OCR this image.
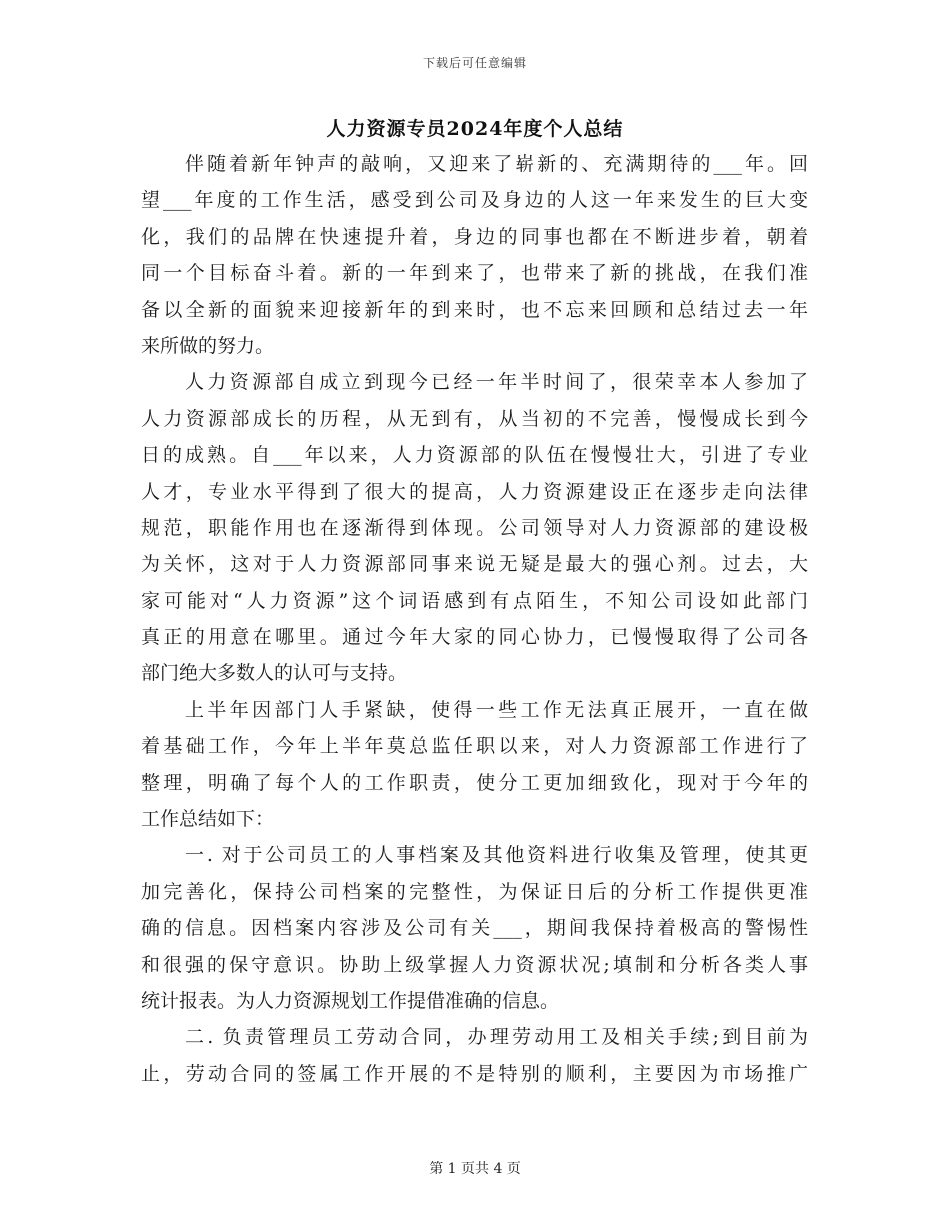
下载后可任意编辑
人力资源专员2024年度个人总结
伴随着新年钟声的敲响，又迎来了崭新的、充满期待的___年。回
望___年度的工作生活，感受到公司及身边的人这一年来发生的巨大变
化，我们的品牌在快速提升着，身边的同事也都在不断进步着，朝着
同一个目标奋斗着。新的一年到来了，也带来了新的挑战，在我们准
备以全新的面貌来迎接新年的到来时，也不忘来回顾和总结过去一年
来所做的努力。
人力资源部自成立到现今已经一年半时间了，很荣幸本人参加了
人力资源部成长的历程，从无到有，从当初的不完善，慢慢成长到今
日的成熟。自___年以来，人力资源部的队伍在慢慢壮大，引进了专业
人才，专业水平得到了很大的提高，人力资源建设正在逐步走向法律
规范，职能作用也在逐渐得到体现。公司领导对人力资源部的建设极
为关怀，这对于人力资源部同事来说无疑是最大的强心剂。过去，大
家可能对“人力资源”这个词语感到有点陌生，不知公司设如此部门
真正的用意在哪里。通过今年大家的同心协力，已慢慢取得了公司各
部门绝大多数人的认可与支持。
上半年因部门人手紧缺，使得一些工作无法真正展开，一直在做
着基础工作，今年上半年莫总监任职以来，对人力资源部工作进行了
整理，明确了每个人的工作职责，使分工更加细致化，现对于今年的
工作总结如下：
一. 对于公司员工的人事档案及其他资料进行收集及管理，使其更
加完善化，保持公司档案的完整性，为保证日后的分析工作提供更准
确的信息。因档案内容涉及公司有关___，期间我保持着极高的警惕性
和很强的保守意识。协助上级掌握人力资源状况;填制和分析各类人事
统计报表。为人力资源规划工作提借准确的信息。
二. 负责管理员工劳动合同，办理劳动用工及相关手续;到目前为
止，劳动合同的签属工作开展的不是特别的顺利，主要因为市场推广
第 1 页共 4 页
